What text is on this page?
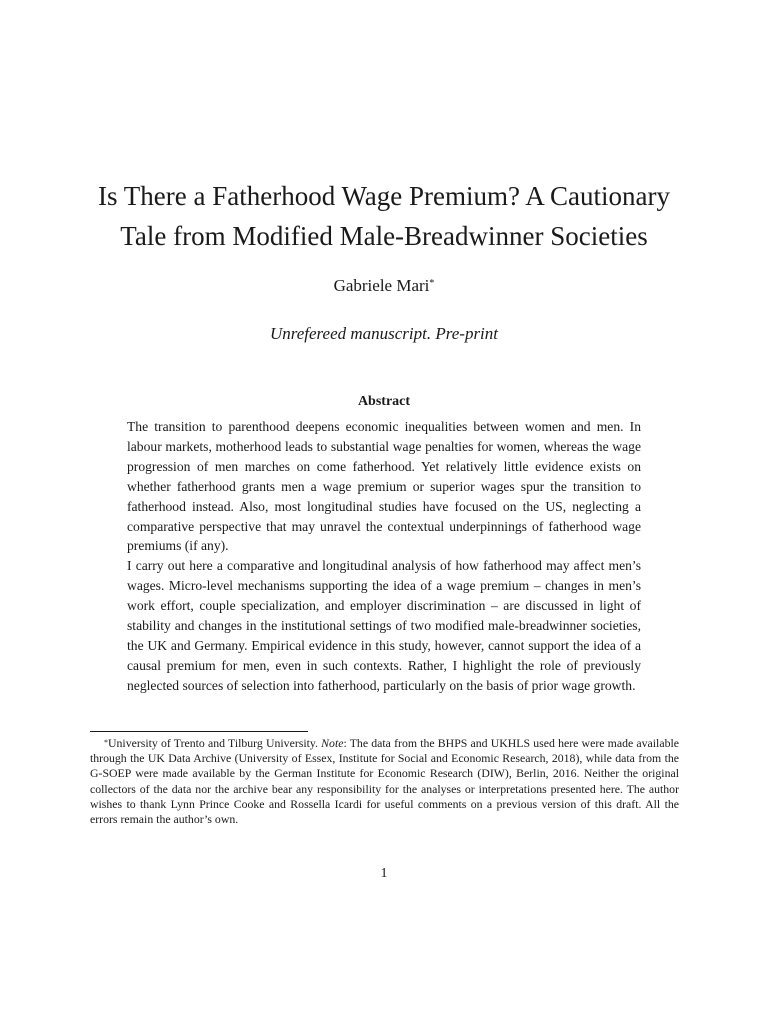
Is There a Fatherhood Wage Premium? A Cautionary
Tale from Modified Male-Breadwinner Societies
Gabriele Mari*
Unrefereed manuscript. Pre-print
Abstract

The transition to parenthood deepens economic inequalities between women and men. In labour markets, motherhood leads to substantial wage penalties for women, whereas the wage progression of men marches on come fatherhood. Yet relatively little evidence exists on whether fatherhood grants men a wage premium or superior wages spur the transition to fatherhood instead. Also, most longitudinal studies have focused on the US, neglecting a comparative perspective that may unravel the contextual underpinnings of fatherhood wage premiums (if any).

I carry out here a comparative and longitudinal analysis of how fatherhood may affect men’s wages. Micro-level mechanisms supporting the idea of a wage premium – changes in men’s work effort, couple specialization, and employer discrimination – are discussed in light of stability and changes in the institutional settings of two modified male-breadwinner societies, the UK and Germany. Empirical evidence in this study, however, cannot support the idea of a causal premium for men, even in such contexts. Rather, I highlight the role of previously neglected sources of selection into fatherhood, particularly on the basis of prior wage growth.

*University of Trento and Tilburg University. Note: The data from the BHPS and UKHLS used here were made available through the UK Data Archive (University of Essex, Institute for Social and Economic Research, 2018), while data from the G-SOEP were made available by the German Institute for Economic Research (DIW), Berlin, 2016. Neither the original collectors of the data nor the archive bear any responsibility for the analyses or interpretations presented here. The author wishes to thank Lynn Prince Cooke and Rossella Icardi for useful comments on a previous version of this draft. All the errors remain the author’s own.
1
